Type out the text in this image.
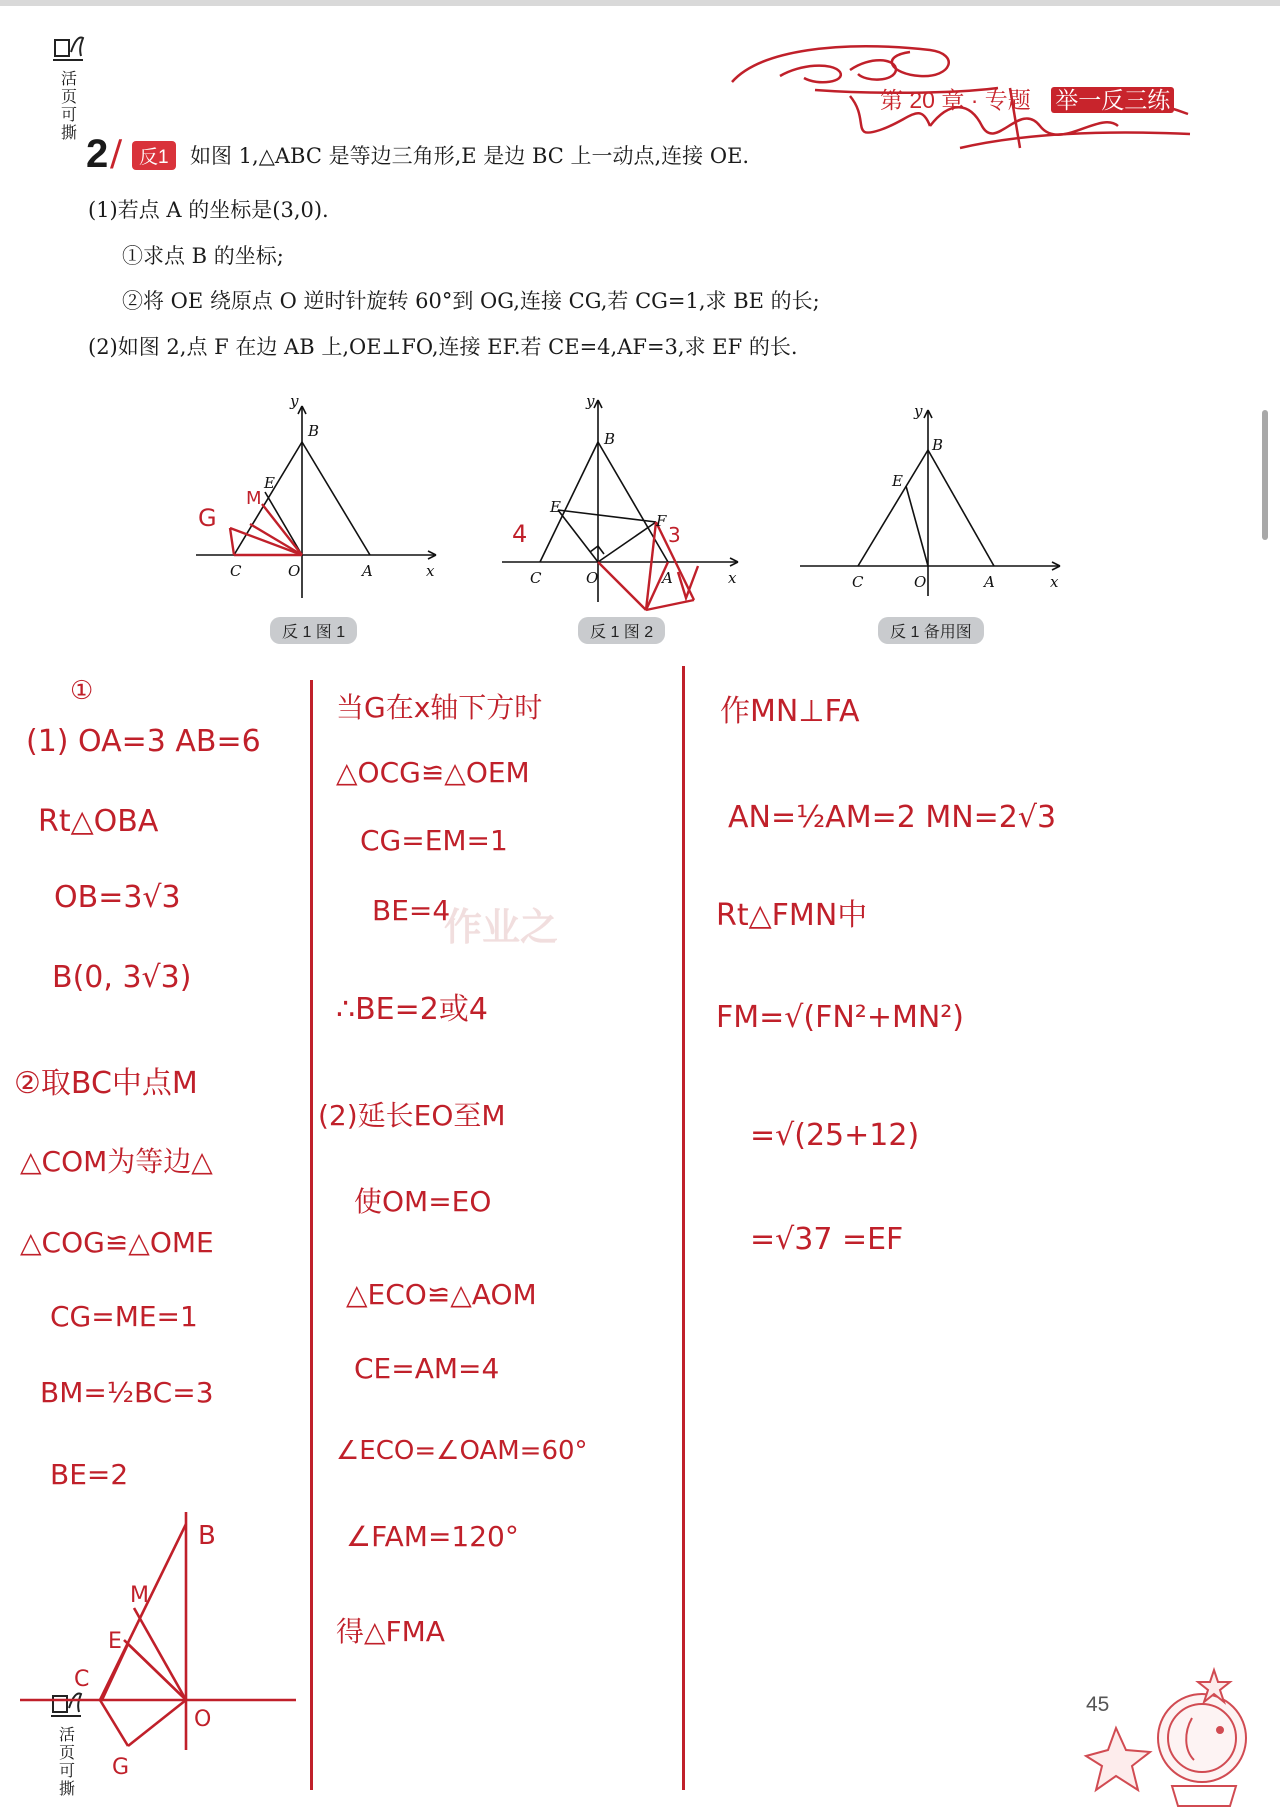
第 20 章 · 专题 举一反三练
活页可撕
活页可撕
2 / 反1	如图 1,△ABC 是等边三角形,E 是边 BC 上一动点,连接 OE.
(1)若点 A 的坐标是(3,0).
①求点 B 的坐标;
②将 OE 绕原点 O 逆时针旋转 60°到 OG,连接 CG,若 CG=1,求 BE 的长;
(2)如图 2,点 F 在边 AB 上,OE⊥FO,连接 EF.若 CE=4,AF=3,求 EF 的长.
y
x
B
E
C	O	A
G
M
反 1 图 1
y
x
B
E
F
C	O	A
4	3
反 1 图 2
y
x
B
E
C	O	A
反 1 备用图
作业之
①
(1) OA=3 AB=6
Rt△OBA
OB=3√3
B(0, 3√3)
②取BC中点M
△COM为等边△
△COG≌△OME
CG=ME=1
BM=½BC=3
BE=2
B
M
E
C
O
G
当G在x轴下方时
△OCG≌△OEM
CG=EM=1
BE=4
∴BE=2或4
(2)延长EO至M
使OM=EO
△ECO≌△AOM
CE=AM=4
∠ECO=∠OAM=60°
∠FAM=120°
得△FMA
作MN⊥FA
AN=½AM=2 MN=2√3
Rt△FMN中
FM=√(FN²+MN²)
=√(25+12)
=√37 =EF
45
